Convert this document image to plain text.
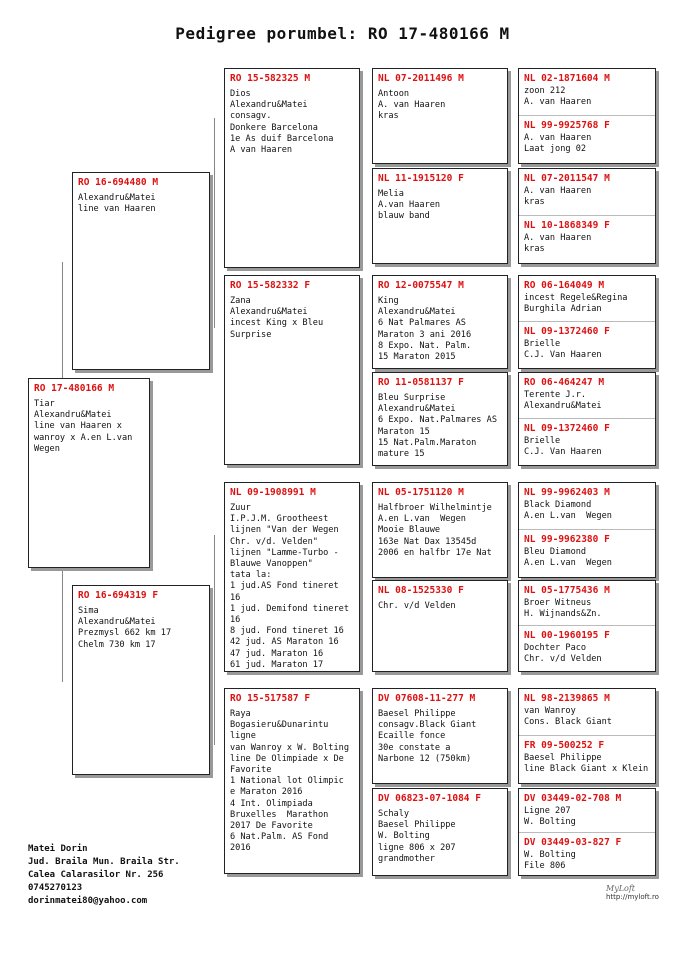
Pedigree porumbel: RO 17-480166 M
RO 17-480166 M
Tiar
Alexandru&Matei
line van Haaren x wanroy x A.en L.van  Wegen
RO 16-694480 M
Alexandru&Matei
line van Haaren
RO 16-694319 F
Sima
Alexandru&Matei
Prezmysl 662 km 17
Chelm 730 km 17
RO 15-582325 M
Dios
Alexandru&Matei
consagv.
Donkere Barcelona
1e As duif Barcelona
A van Haaren
RO 15-582332 F
Zana
Alexandru&Matei
incest King x Bleu Surprise
NL 09-1908991 M
Zuur
I.P.J.M. Grootheest
lijnen "Van der Wegen Chr. v/d. Velden"
lijnen "Lamme-Turbo -Blauwe Vanoppen"
tata la:
1 jud.AS Fond tineret 16
1 jud. Demifond tineret 16
8 jud. Fond tineret 16
42 jud. AS Maraton 16
47 jud. Maraton 16
61 jud. Maraton 17
RO 15-517587 F
Raya
Bogasieru&Dunarintu
ligne
van Wanroy x W. Bolting
line De Olimpiade x De Favorite
1 National lot Olimpic e Maraton 2016
4 Int. Olimpiada Bruxelles  Marathon 2017 De Favorite
6 Nat.Palm. AS Fond 2016
NL 07-2011496 M
Antoon
A. van Haaren
kras
NL 11-1915120 F
Melia
A.van Haaren
blauw band
RO 12-0075547 M
King
Alexandru&Matei
6 Nat Palmares AS Maraton 3 ani 2016
8 Expo. Nat. Palm.
15 Maraton 2015
RO 11-0581137 F
Bleu Surprise
Alexandru&Matei
6 Expo. Nat.Palmares AS Maraton 15
15 Nat.Palm.Maraton
mature 15
NL 05-1751120 M
Halfbroer Wilhelmintje
A.en L.van  Wegen
Mooie Blauwe
163e Nat Dax 13545d
2006 en halfbr 17e Nat
NL 08-1525330 F
Chr. v/d Velden
DV 07608-11-277 M
Baesel Philippe
consagv.Black Giant
Ecaille fonce
30e constate a
Narbone 12 (750km)
DV 06823-07-1084 F
Schaly
Baesel Philippe
W. Bolting
ligne 806 x 207
grandmother
NL 02-1871604 M
zoon 212
A. van Haaren
NL 99-9925768 F
A. van Haaren
Laat jong 02
NL 07-2011547 M
A. van Haaren
kras
NL 10-1868349 F
A. van Haaren
kras
RO 06-164049 M
incest Regele&Regina
Burghila Adrian
NL 09-1372460 F
Brielle
C.J. Van Haaren
RO 06-464247 M
Terente J.r.
Alexandru&Matei
NL 09-1372460 F
Brielle
C.J. Van Haaren
NL 99-9962403 M
Black Diamond
A.en L.van  Wegen
NL 99-9962380 F
Bleu Diamond
A.en L.van  Wegen
NL 05-1775436 M
Broer Witneus
H. Wijnands&Zn.
NL 00-1960195 F
Dochter Paco
Chr. v/d Velden
NL 98-2139865 M
van Wanroy
Cons. Black Giant
FR 09-500252 F
Baesel Philippe
line Black Giant x Klein
DV 03449-02-708 M
Ligne 207
W. Bolting
DV 03449-03-827 F
W. Bolting
File 806
Matei Dorin
Jud. Braila Mun. Braila Str.
Calea Calarasilor Nr. 256
0745270123
dorinmatei80@yahoo.com
MyLoft
http://myloft.ro
